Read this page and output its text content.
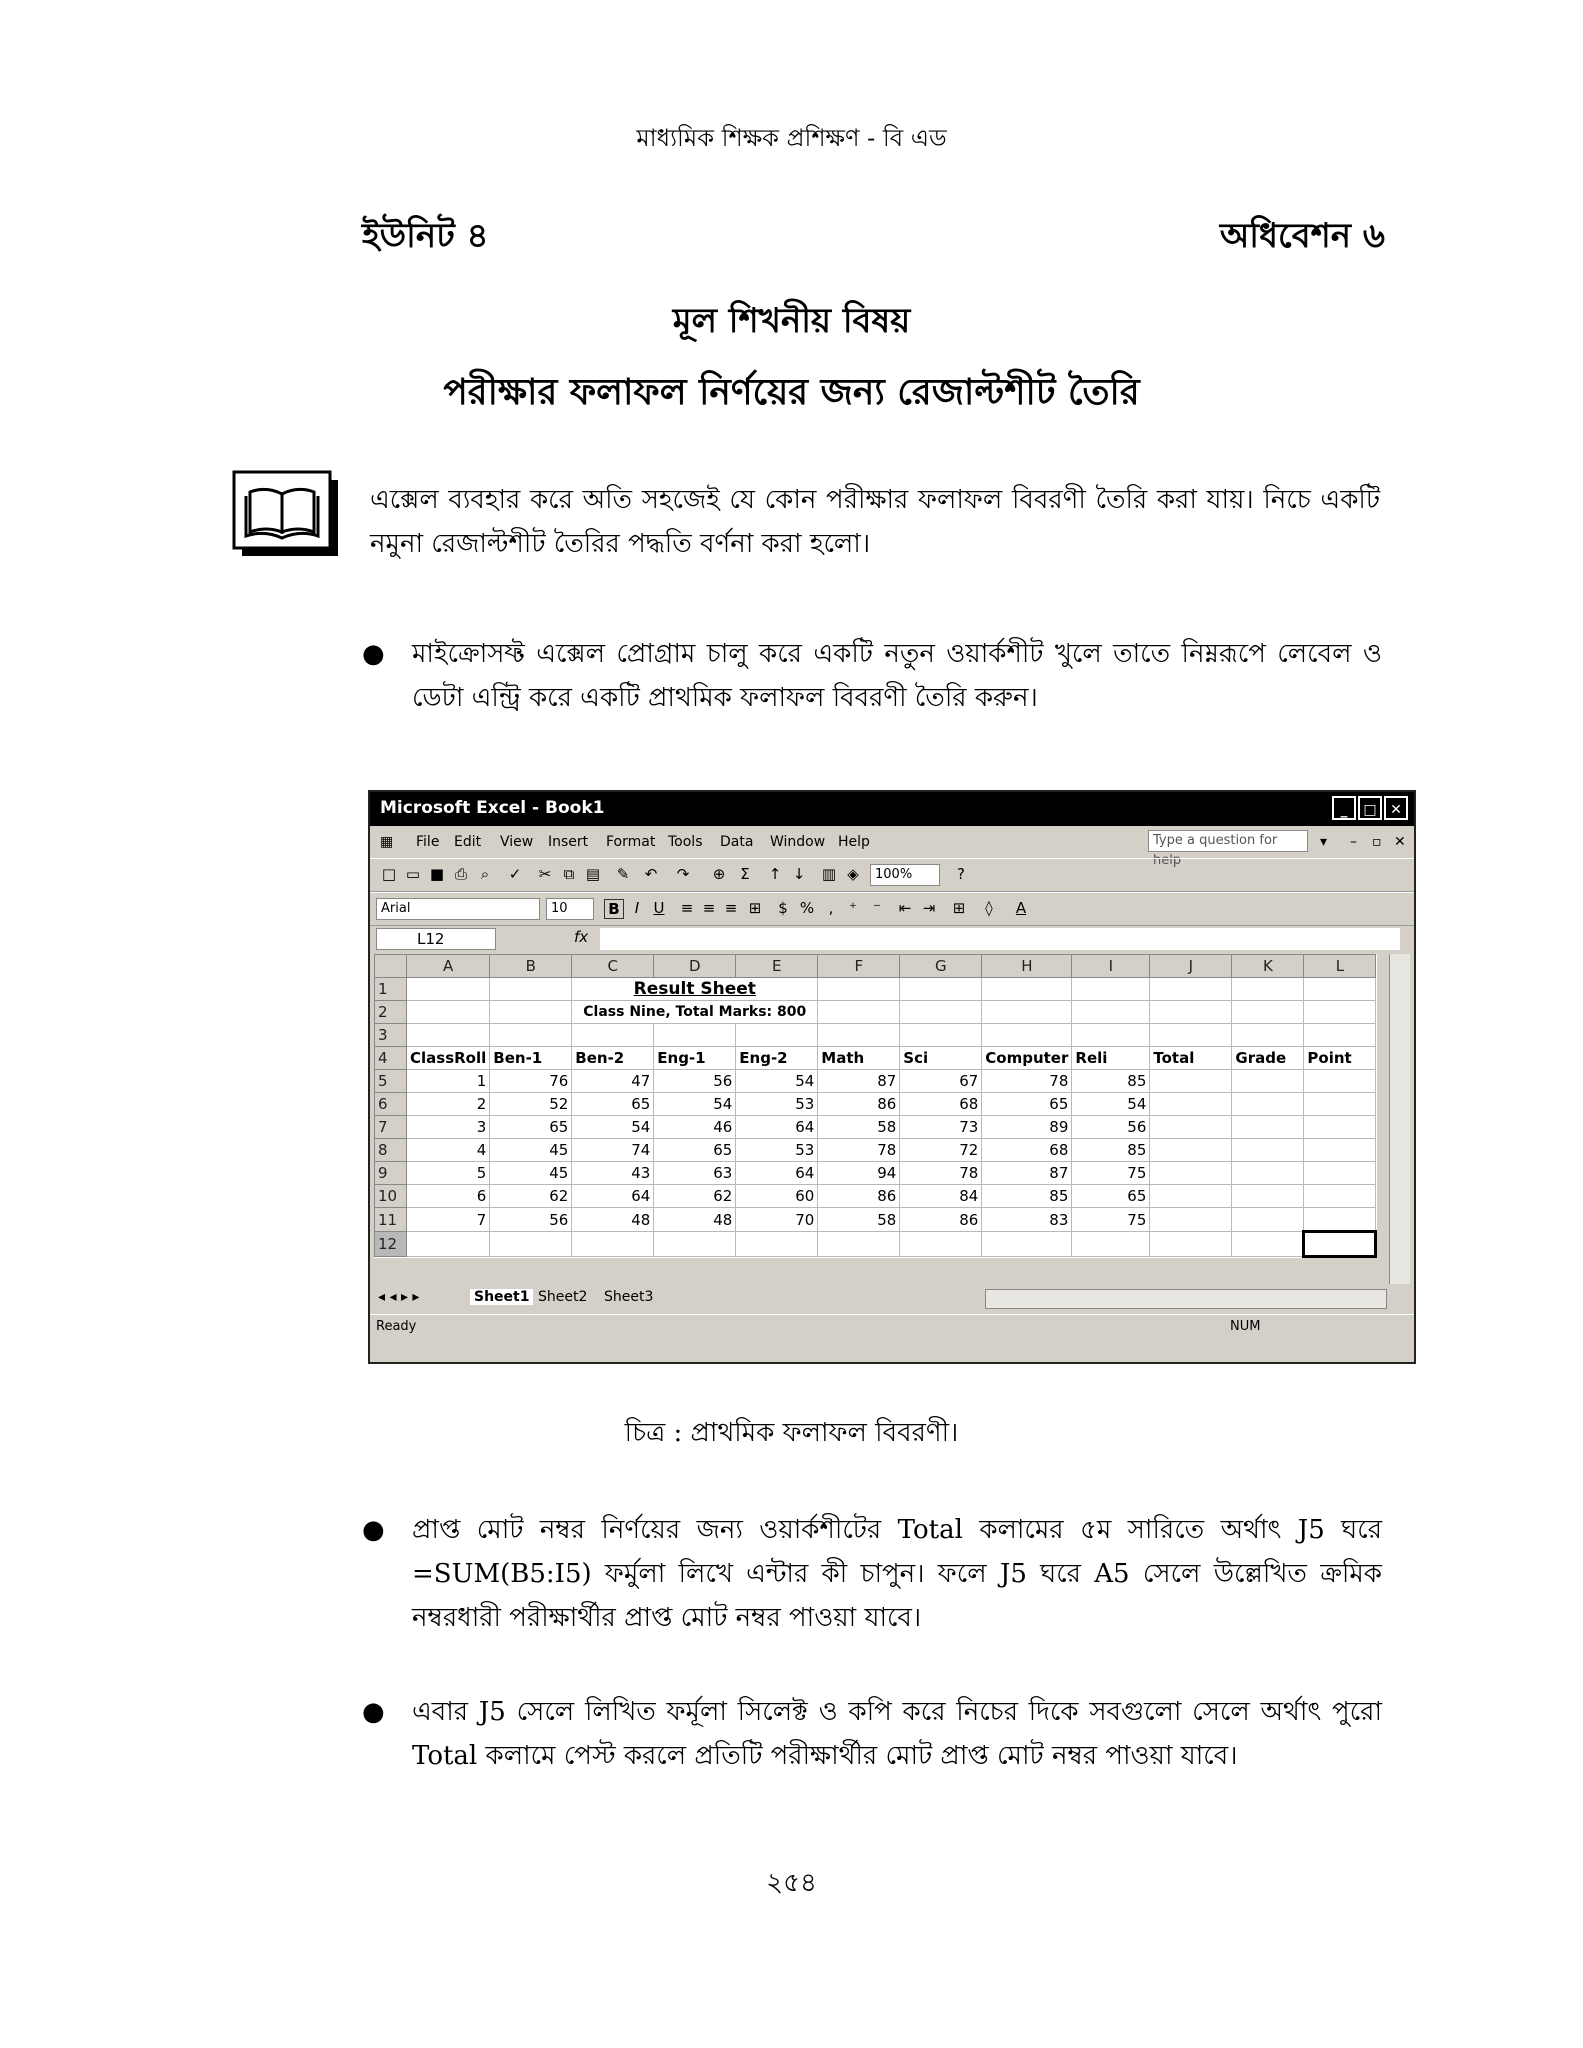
মাধ্যমিক শিক্ষক প্রশিক্ষণ - বি এড
ইউনিট ৪	অধিবেশন ৬
মূল শিখনীয় বিষয়
পরীক্ষার ফলাফল নির্ণয়ের জন্য রেজাল্টশীট তৈরি
এক্সেল ব্যবহার করে অতি সহজেই যে কোন পরীক্ষার ফলাফল বিবরণী তৈরি করা যায়। নিচে একটি নমুনা রেজাল্টশীট তৈরির পদ্ধতি বর্ণনা করা হলো।
● মাইক্রোসফ্ট এক্সেল প্রোগ্রাম চালু করে একটি নতুন ওয়ার্কশীট খুলে তাতে নিম্নরূপে লেবেল ও ডেটা এন্ট্রি করে একটি প্রাথমিক ফলাফল বিবরণী তৈরি করুন।
Microsoft Excel - Book1	_	□ ✕
▦ File Edit View Insert Format Tools Data Window Help	▾ – ▫ ✕
Type a question for help
□ ▭ ■ ⎙ ⌕	✓ ✂ ⧉ ▤ ✎ ↶ ↷ ⊕ Σ ↑ ↓ ▥ ◈	100%	?
Arial	10	B	I U ≡ ≡ ≡ ⊞ $ % ,	⁺	⁻	⇤ ⇥ ⊞	◊	A
L12	fx
	A	B	C	D	E	F	G	H	I	J	K	L
1			Result Sheet									
2			Class Nine, Total Marks: 800									
3												
4	ClassRoll	Ben-1	Ben-2	Eng-1	Eng-2	Math	Sci	Computer	Reli	Total	Grade	Point
5	1	76	47	56	54	87	67	78	85			
6	2	52	65	54	53	86	68	65	54			
7	3	65	54	46	64	58	73	89	56			
8	4	45	74	65	53	78	72	68	85			
9	5	45	43	63	64	94	78	87	75			
10	6	62	64	62	60	86	84	85	65			
11	7	56	48	48	70	58	86	83	75			
12												
◂ ◂ ▸ ▸	Sheet1 Sheet2 Sheet3
Ready	NUM
চিত্র : প্রাথমিক ফলাফল বিবরণী।
● প্রাপ্ত মোট নম্বর নির্ণয়ের জন্য ওয়ার্কশীটের Total কলামের ৫ম সারিতে অর্থাৎ J5 ঘরে =SUM(B5:I5) ফর্মুলা লিখে এন্টার কী চাপুন। ফলে J5 ঘরে A5 সেলে উল্লেখিত ক্রমিক নম্বরধারী পরীক্ষার্থীর প্রাপ্ত মোট নম্বর পাওয়া যাবে।
● এবার J5 সেলে লিখিত ফর্মূলা সিলেক্ট ও কপি করে নিচের দিকে সবগুলো সেলে অর্থাৎ পুরো Total কলামে পেস্ট করলে প্রতিটি পরীক্ষার্থীর মোট প্রাপ্ত মোট নম্বর পাওয়া যাবে।
২৫৪
